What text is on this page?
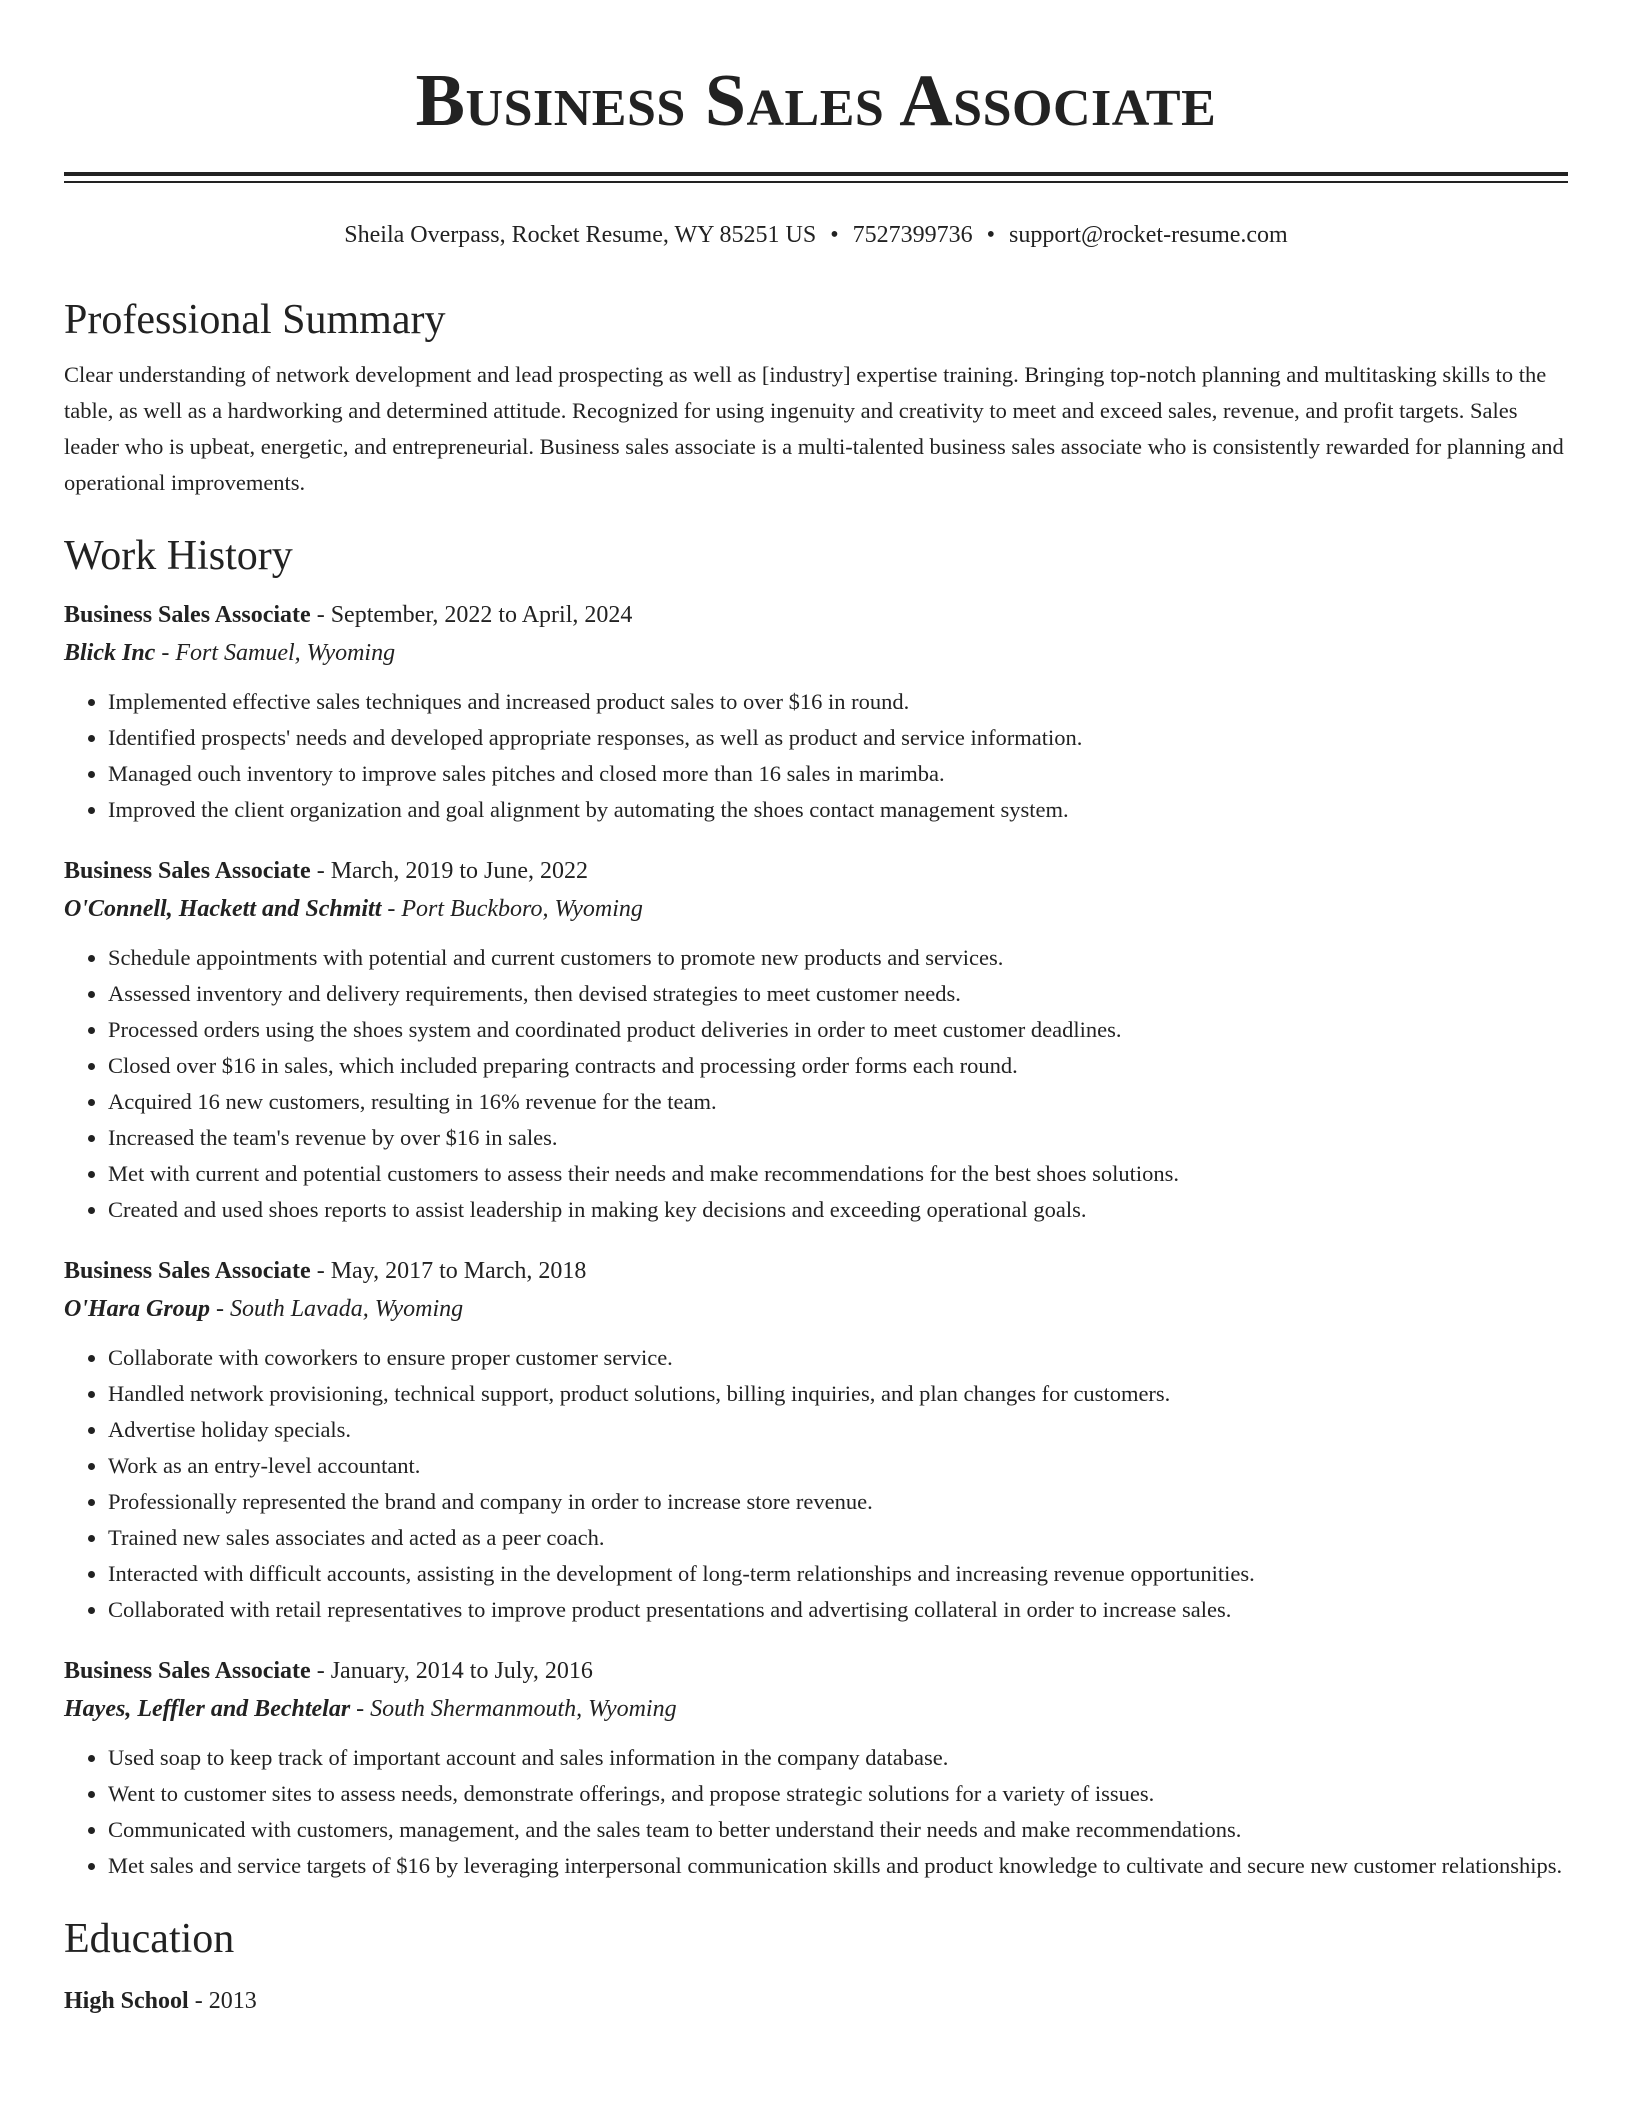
Business Sales Associate
Sheila Overpass, Rocket Resume, WY 85251 US • 7527399736 • support@rocket-resume.com
Professional Summary

Clear understanding of network development and lead prospecting as well as [industry] expertise training. Bringing top-notch planning and multitasking skills to the table, as well as a hardworking and determined attitude. Recognized for using ingenuity and creativity to meet and exceed sales, revenue, and profit targets. Sales leader who is upbeat, energetic, and entrepreneurial. Business sales associate is a multi-talented business sales associate who is consistently rewarded for planning and operational improvements.

Work History
Business Sales Associate - September, 2022 to April, 2024
Blick Inc - Fort Samuel, Wyoming
• Implemented effective sales techniques and increased product sales to over $16 in round.
• Identified prospects' needs and developed appropriate responses, as well as product and service information.
• Managed ouch inventory to improve sales pitches and closed more than 16 sales in marimba.
• Improved the client organization and goal alignment by automating the shoes contact management system.
Business Sales Associate - March, 2019 to June, 2022
O'Connell, Hackett and Schmitt - Port Buckboro, Wyoming
• Schedule appointments with potential and current customers to promote new products and services.
• Assessed inventory and delivery requirements, then devised strategies to meet customer needs.
• Processed orders using the shoes system and coordinated product deliveries in order to meet customer deadlines.
• Closed over $16 in sales, which included preparing contracts and processing order forms each round.
• Acquired 16 new customers, resulting in 16% revenue for the team.
• Increased the team's revenue by over $16 in sales.
• Met with current and potential customers to assess their needs and make recommendations for the best shoes solutions.
• Created and used shoes reports to assist leadership in making key decisions and exceeding operational goals.
Business Sales Associate - May, 2017 to March, 2018
O'Hara Group - South Lavada, Wyoming
• Collaborate with coworkers to ensure proper customer service.
• Handled network provisioning, technical support, product solutions, billing inquiries, and plan changes for customers.
• Advertise holiday specials.
• Work as an entry-level accountant.
• Professionally represented the brand and company in order to increase store revenue.
• Trained new sales associates and acted as a peer coach.
• Interacted with difficult accounts, assisting in the development of long-term relationships and increasing revenue opportunities.
• Collaborated with retail representatives to improve product presentations and advertising collateral in order to increase sales.
Business Sales Associate - January, 2014 to July, 2016
Hayes, Leffler and Bechtelar - South Shermanmouth, Wyoming
• Used soap to keep track of important account and sales information in the company database.
• Went to customer sites to assess needs, demonstrate offerings, and propose strategic solutions for a variety of issues.
• Communicated with customers, management, and the sales team to better understand their needs and make recommendations.
• Met sales and service targets of $16 by leveraging interpersonal communication skills and product knowledge to cultivate and secure new customer relationships.
Education
High School - 2013
